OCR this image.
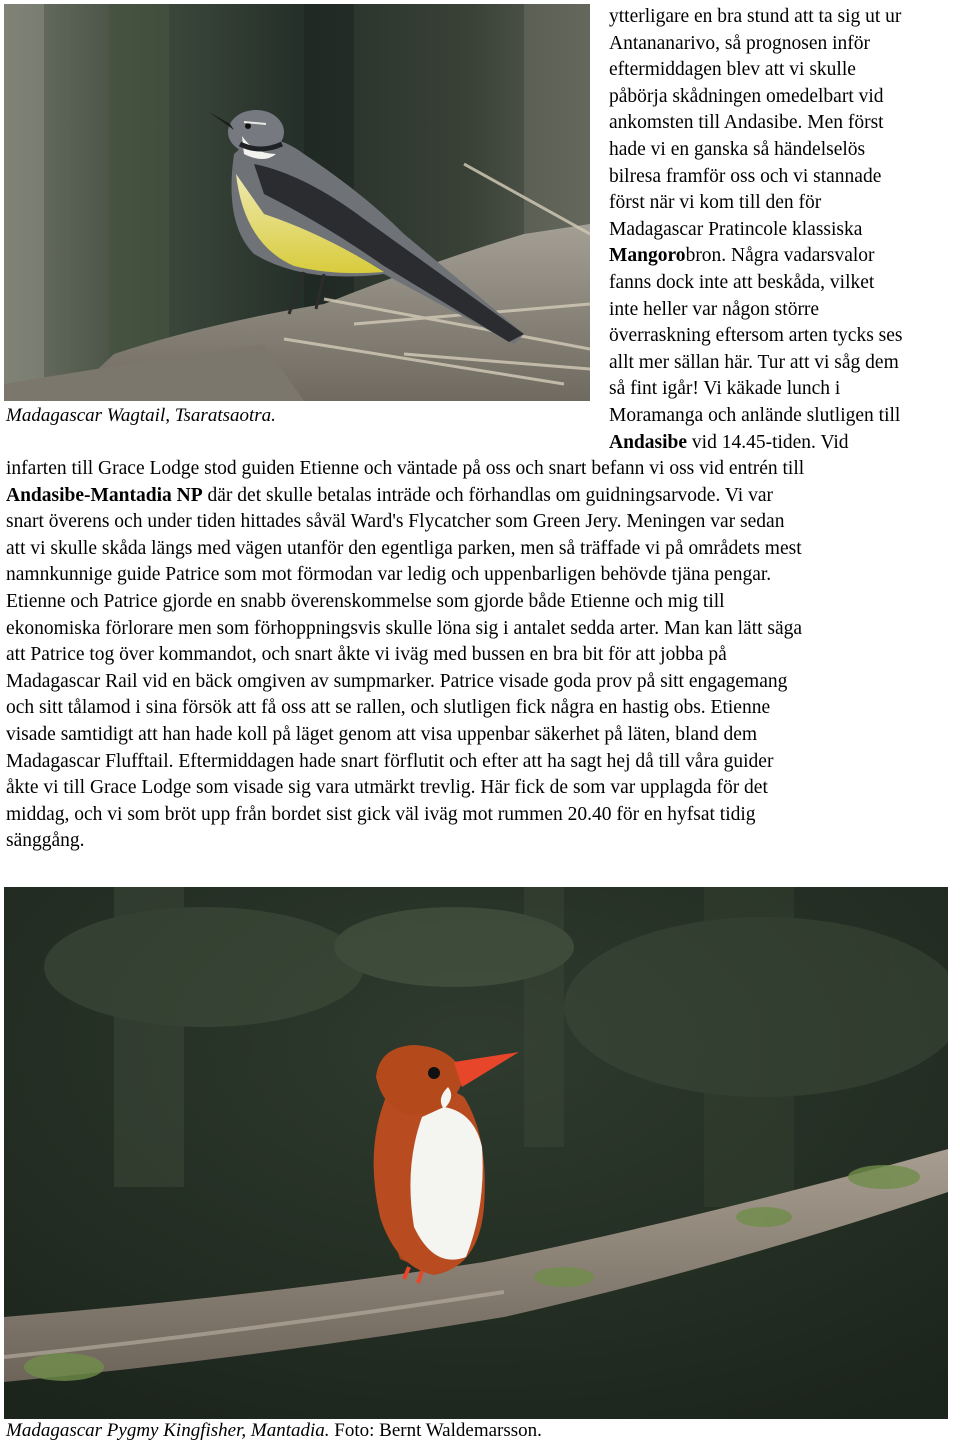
Madagascar Wagtail, Tsaratsaotra.
ytterligare en bra stund att ta sig ut ur
Antananarivo, så prognosen inför
eftermiddagen blev att vi skulle
påbörja skådningen omedelbart vid
ankomsten till Andasibe. Men först
hade vi en ganska så händelselös
bilresa framför oss och vi stannade
först när vi kom till den för
Madagascar Pratincole klassiska
Mangorobron. Några vadarsvalor
fanns dock inte att beskåda, vilket
inte heller var någon större
överraskning eftersom arten tycks ses
allt mer sällan här. Tur att vi såg dem
så fint igår! Vi käkade lunch i
Moramanga och anlände slutligen till
Andasibe vid 14.45-tiden. Vid
infarten till Grace Lodge stod guiden Etienne och väntade på oss och snart befann vi oss vid entrén till
Andasibe-Mantadia NP där det skulle betalas inträde och förhandlas om guidningsarvode. Vi var
snart överens och under tiden hittades såväl Ward's Flycatcher som Green Jery. Meningen var sedan
att vi skulle skåda längs med vägen utanför den egentliga parken, men så träffade vi på områdets mest
namnkunnige guide Patrice som mot förmodan var ledig och uppenbarligen behövde tjäna pengar.
Etienne och Patrice gjorde en snabb överenskommelse som gjorde både Etienne och mig till
ekonomiska förlorare men som förhoppningsvis skulle löna sig i antalet sedda arter. Man kan lätt säga
att Patrice tog över kommandot, och snart åkte vi iväg med bussen en bra bit för att jobba på
Madagascar Rail vid en bäck omgiven av sumpmarker. Patrice visade goda prov på sitt engagemang
och sitt tålamod i sina försök att få oss att se rallen, och slutligen fick några en hastig obs. Etienne
visade samtidigt att han hade koll på läget genom att visa uppenbar säkerhet på läten, bland dem
Madagascar Flufftail. Eftermiddagen hade snart förflutit och efter att ha sagt hej då till våra guider
åkte vi till Grace Lodge som visade sig vara utmärkt trevlig. Här fick de som var upplagda för det
middag, och vi som bröt upp från bordet sist gick väl iväg mot rummen 20.40 för en hyfsat tidig
sänggång.
Madagascar Pygmy Kingfisher, Mantadia. Foto: Bernt Waldemarsson.
